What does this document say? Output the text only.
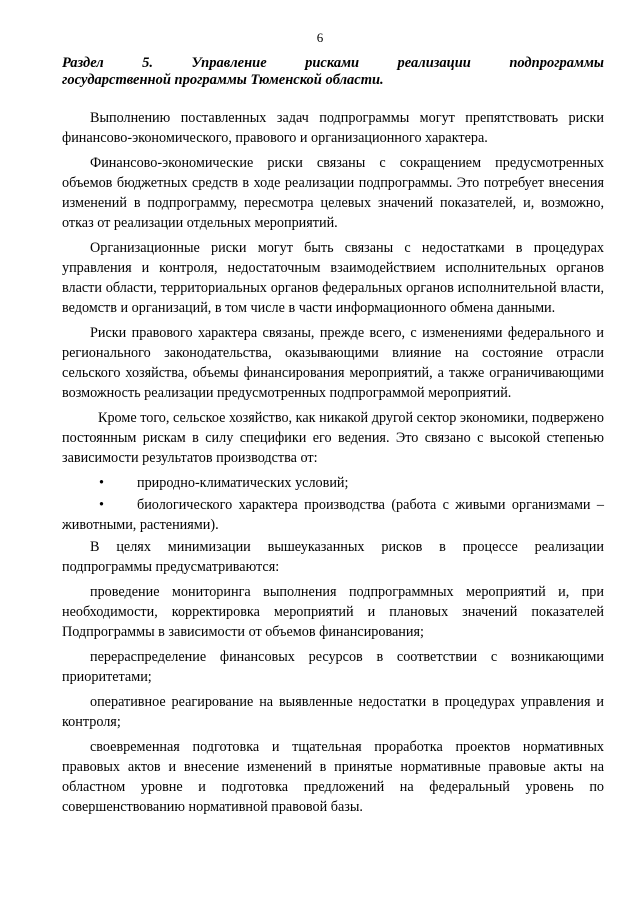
6
Раздел	5.	Управление	рисками	реализации	подпрограммы
государственной программы Тюменской области.

Выполнению поставленных задач подпрограммы могут препятствовать риски финансово-экономического, правового и организационного характера.

Финансово-экономические риски связаны с сокращением предусмотренных объемов бюджетных средств в ходе реализации подпрограммы. Это потребует внесения изменений в подпрограмму, пересмотра целевых значений показателей, и, возможно, отказ от реализации отдельных мероприятий.

Организационные риски могут быть связаны с недостатками в процедурах управления и контроля, недостаточным взаимодействием исполнительных органов власти области, территориальных органов федеральных органов исполнительной власти, ведомств и организаций, в том числе в части информационного обмена данными.

Риски правового характера связаны, прежде всего, с изменениями федерального и регионального законодательства, оказывающими влияние на состояние отрасли сельского хозяйства, объемы финансирования мероприятий, а также ограничивающими возможность реализации предусмотренных подпрограммой мероприятий.

Кроме того, сельское хозяйство, как никакой другой сектор экономики, подвержено постоянным рискам в силу специфики его ведения. Это связано с высокой степенью зависимости результатов производства от:

• природно-климатических условий;

• биологического характера производства (работа с живыми организмами – животными, растениями).

В целях минимизации вышеуказанных рисков в процессе реализации подпрограммы предусматриваются:

проведение мониторинга выполнения подпрограммных мероприятий и, при необходимости, корректировка мероприятий и плановых значений показателей Подпрограммы в зависимости от объемов финансирования;

перераспределение финансовых ресурсов в соответствии с возникающими приоритетами;

оперативное реагирование на выявленные недостатки в процедурах управления и контроля;

своевременная подготовка и тщательная проработка проектов нормативных правовых актов и внесение изменений в принятые нормативные правовые акты на областном уровне и подготовка предложений на федеральный уровень по совершенствованию нормативной правовой базы.
